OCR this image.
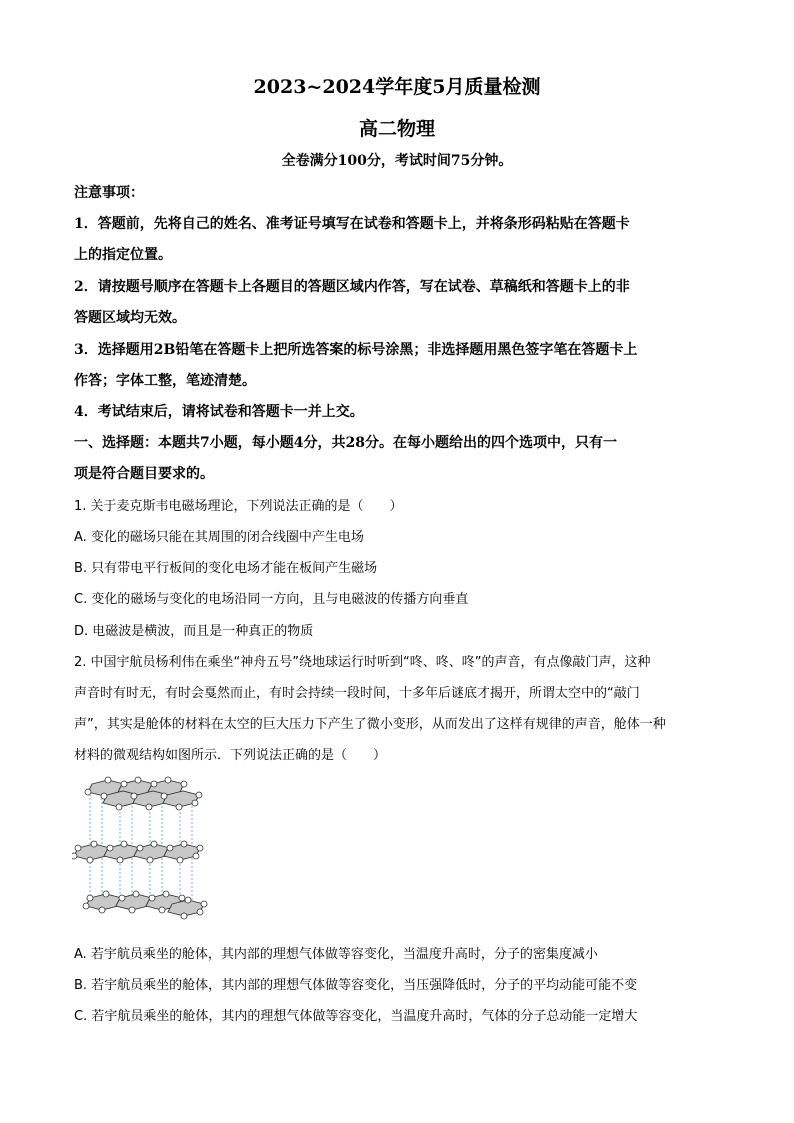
2023~2024学年度5月质量检测
高二物理
全卷满分100分，考试时间75分钟。
注意事项：
1．答题前，先将自己的姓名、准考证号填写在试卷和答题卡上，并将条形码粘贴在答题卡
上的指定位置。
2．请按题号顺序在答题卡上各题目的答题区域内作答，写在试卷、草稿纸和答题卡上的非
答题区域均无效。
3．选择题用2B铅笔在答题卡上把所选答案的标号涂黑；非选择题用黑色签字笔在答题卡上
作答；字体工整，笔迹清楚。
4．考试结束后，请将试卷和答题卡一并上交。
一、选择题：本题共7小题，每小题4分，共28分。在每小题给出的四个选项中，只有一
项是符合题目要求的。
1. 关于麦克斯韦电磁场理论，下列说法正确的是（　　）
A. 变化的磁场只能在其周围的闭合线圈中产生电场
B. 只有带电平行板间的变化电场才能在板间产生磁场
C. 变化的磁场与变化的电场沿同一方向，且与电磁波的传播方向垂直
D. 电磁波是横波，而且是一种真正的物质
2. 中国宇航员杨利伟在乘坐“神舟五号”绕地球运行时听到“咚、咚、咚”的声音，有点像敲门声，这种
声音时有时无，有时会戛然而止，有时会持续一段时间，十多年后谜底才揭开，所谓太空中的“敲门
声”，其实是舱体的材料在太空的巨大压力下产生了微小变形，从而发出了这样有规律的声音，舱体一种
材料的微观结构如图所示．下列说法正确的是（　　）
A. 若宇航员乘坐的舱体，其内部的理想气体做等容变化，当温度升高时，分子的密集度减小
B. 若宇航员乘坐的舱体，其内部的理想气体做等容变化，当压强降低时，分子的平均动能可能不变
C. 若宇航员乘坐的舱体，其内的理想气体做等容变化，当温度升高时，气体的分子总动能一定增大
